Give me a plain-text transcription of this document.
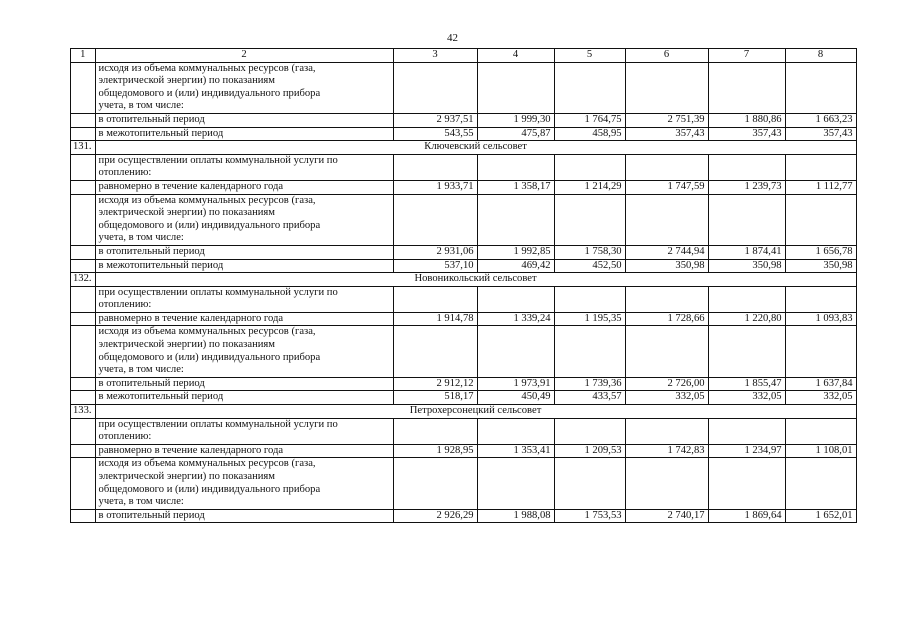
42
1	2	3	4	5	6	7	8
	исходя из объема коммунальных ресурсов (газа,						
	электрической энергии) по показаниям						
	общедомового и (или) индивидуального прибора						
	учета, в том числе:						
	в отопительный период	2 937,51	1 999,30	1 764,75	2 751,39	1 880,86	1 663,23
	в межотопительный период	543,55	475,87	458,95	357,43	357,43	357,43
131.	Ключевский сельсовет						
	при осуществлении оплаты коммунальной услуги по						
	отоплению:						
	равномерно в течение календарного года	1 933,71	1 358,17	1 214,29	1 747,59	1 239,73	1 112,77
	исходя из объема коммунальных ресурсов (газа,						
	электрической энергии) по показаниям						
	общедомового и (или) индивидуального прибора						
	учета, в том числе:						
	в отопительный период	2 931,06	1 992,85	1 758,30	2 744,94	1 874,41	1 656,78
	в межотопительный период	537,10	469,42	452,50	350,98	350,98	350,98
132.	Новоникольский сельсовет						
	при осуществлении оплаты коммунальной услуги по						
	отоплению:						
	равномерно в течение календарного года	1 914,78	1 339,24	1 195,35	1 728,66	1 220,80	1 093,83
	исходя из объема коммунальных ресурсов (газа,						
	электрической энергии) по показаниям						
	общедомового и (или) индивидуального прибора						
	учета, в том числе:						
	в отопительный период	2 912,12	1 973,91	1 739,36	2 726,00	1 855,47	1 637,84
	в межотопительный период	518,17	450,49	433,57	332,05	332,05	332,05
133.	Петрохерсонецкий сельсовет						
	при осуществлении оплаты коммунальной услуги по						
	отоплению:						
	равномерно в течение календарного года	1 928,95	1 353,41	1 209,53	1 742,83	1 234,97	1 108,01
	исходя из объема коммунальных ресурсов (газа,						
	электрической энергии) по показаниям						
	общедомового и (или) индивидуального прибора						
	учета, в том числе:						
	в отопительный период	2 926,29	1 988,08	1 753,53	2 740,17	1 869,64	1 652,01
